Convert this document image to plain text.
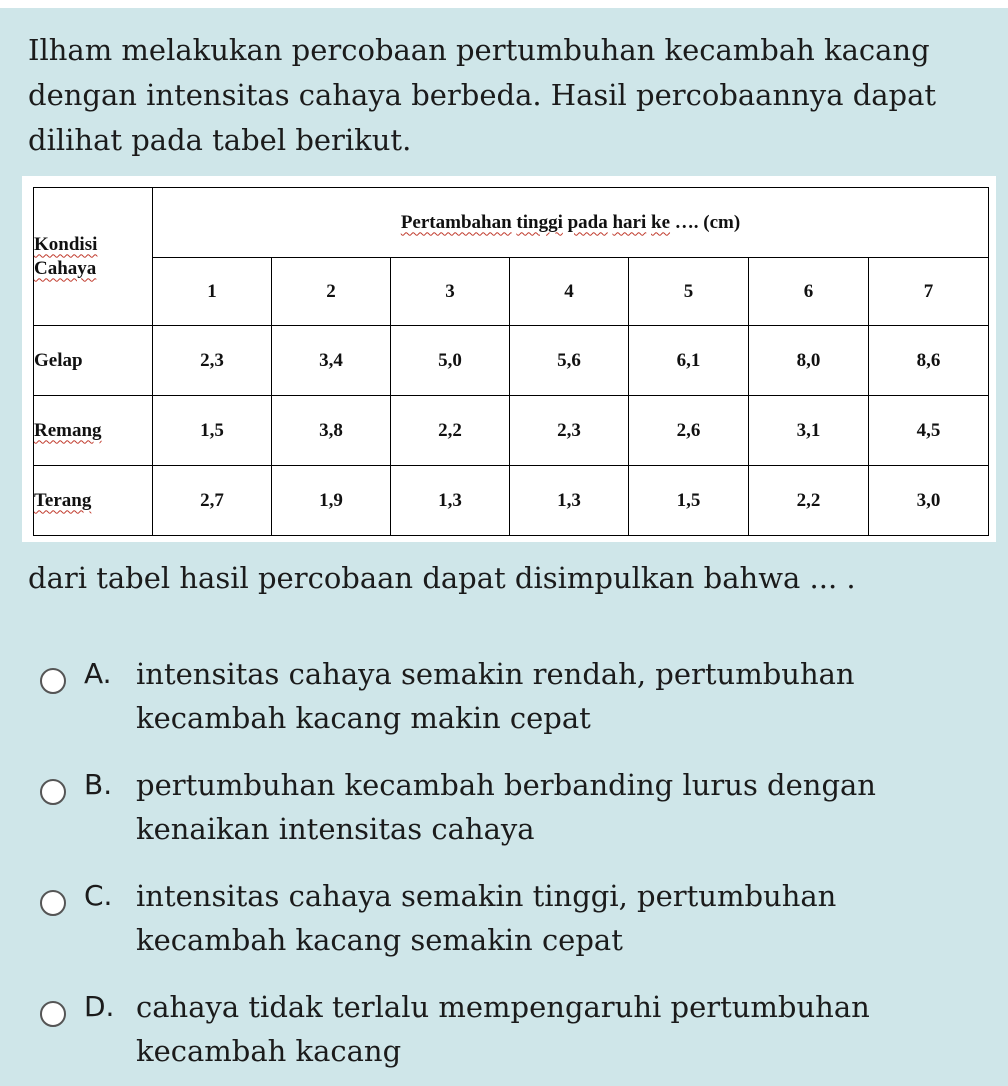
Ilham melakukan percobaan pertumbuhan kecambah kacang dengan intensitas cahaya berbeda. Hasil percobaannya dapat dilihat pada tabel berikut.
Kondisi
Cahaya	Pertambahan tinggi pada hari ke …. (cm)						
	1	2	3	4	5	6	7
Gelap	2,3	3,4	5,0	5,6	6,1	8,0	8,6
Remang	1,5	3,8	2,2	2,3	2,6	3,1	4,5
Terang	2,7	1,9	1,3	1,3	1,5	2,2	3,0
dari tabel hasil percobaan dapat disimpulkan bahwa ... .
A. intensitas cahaya semakin rendah, pertumbuhan kecambah kacang makin cepat
B. pertumbuhan kecambah berbanding lurus dengan kenaikan intensitas cahaya
C. intensitas cahaya semakin tinggi, pertumbuhan kecambah kacang semakin cepat
D. cahaya tidak terlalu mempengaruhi pertumbuhan kecambah kacang
